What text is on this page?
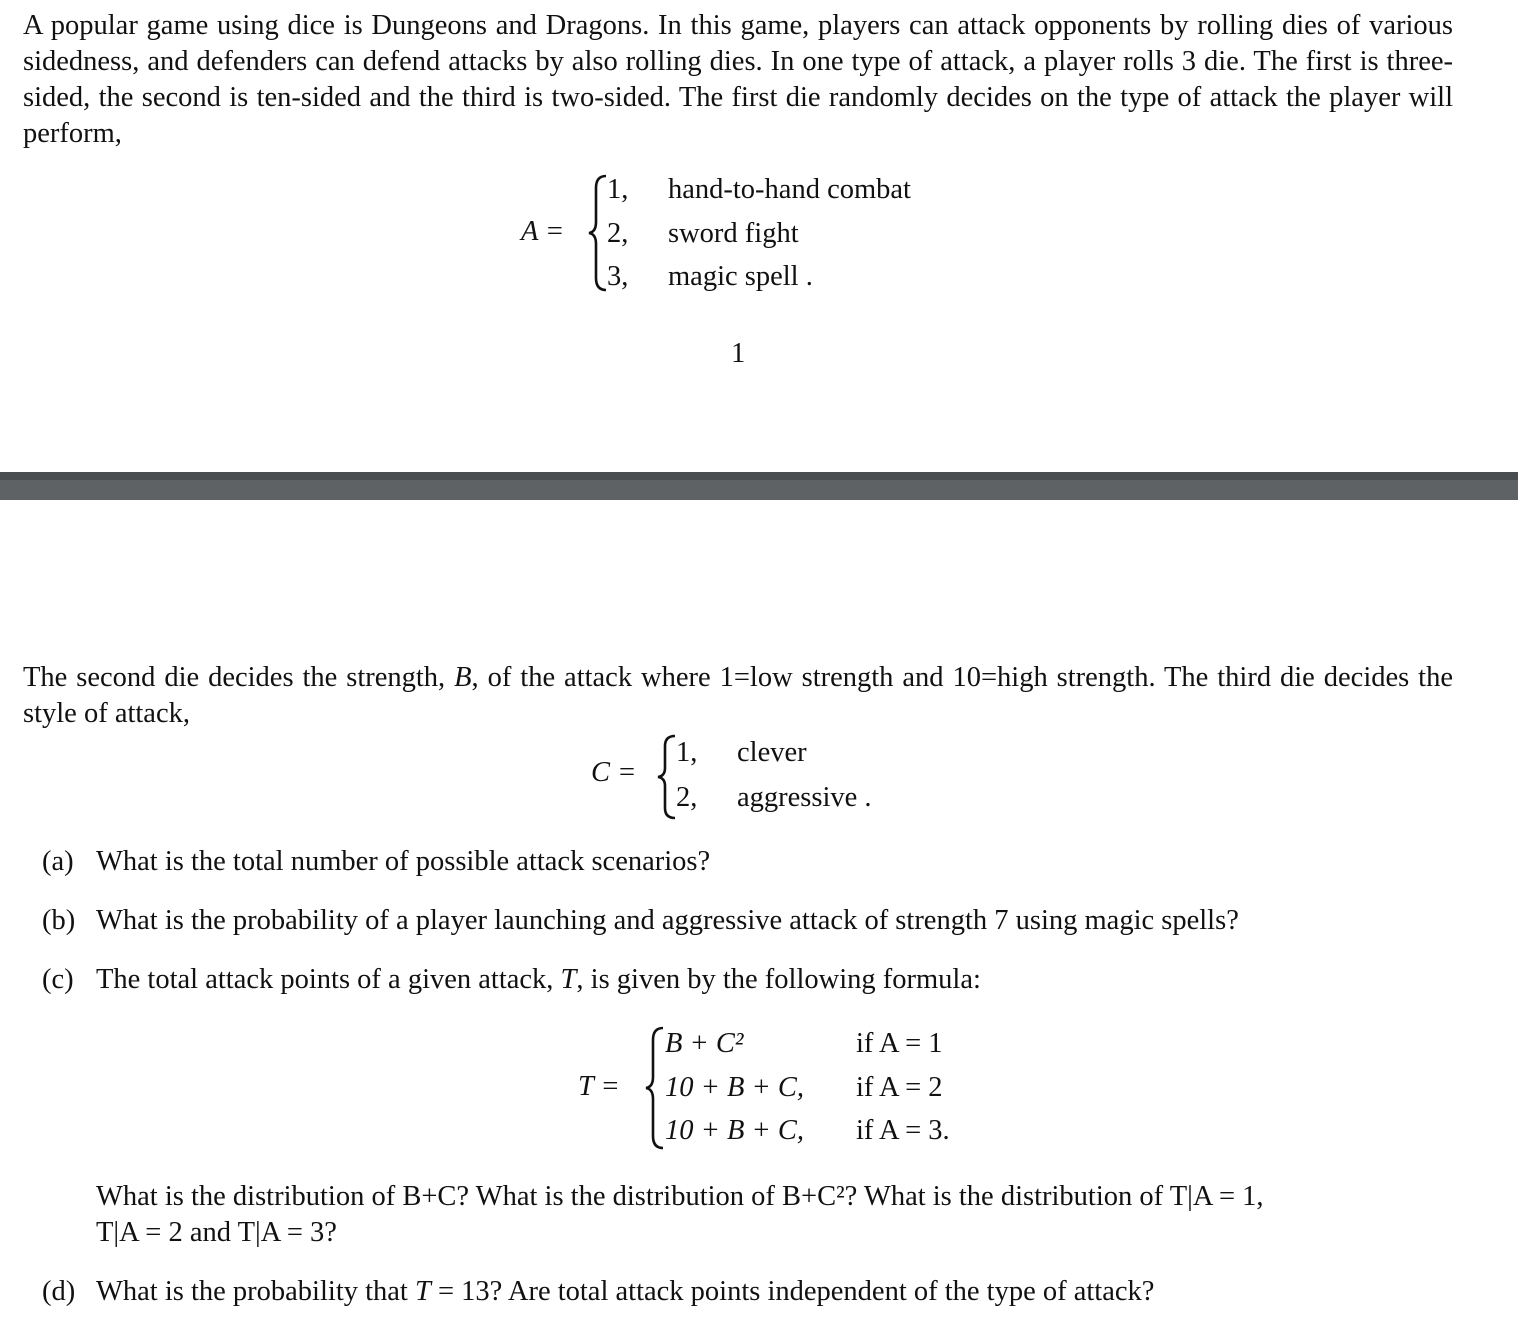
A popular game using dice is Dungeons and Dragons. In this game, players can attack opponents by rolling dies of various sidedness, and defenders can defend attacks by also rolling dies. In one type of attack, a player rolls 3 die. The first is three-sided, the second is ten-sided and the third is two-sided. The first die randomly decides on the type of attack the player will perform,

A =
1, hand-to-hand combat
2, sword fight
3, magic spell .
1

The second die decides the strength, B, of the attack where 1=low strength and 10=high strength. The third die decides the style of attack,

C =
1, clever
2, aggressive .
(a) What is the total number of possible attack scenarios?
(b) What is the probability of a player launching and aggressive attack of strength 7 using magic spells?
(c) The total attack points of a given attack, T, is given by the following formula:
T =
B + C²	if A = 1
10 + B + C, if A = 2
10 + B + C, if A = 3.
What is the distribution of B+C? What is the distribution of B+C²? What is the distribution of T|A = 1,
T|A = 2 and T|A = 3?
(d) What is the probability that T = 13? Are total attack points independent of the type of attack?
